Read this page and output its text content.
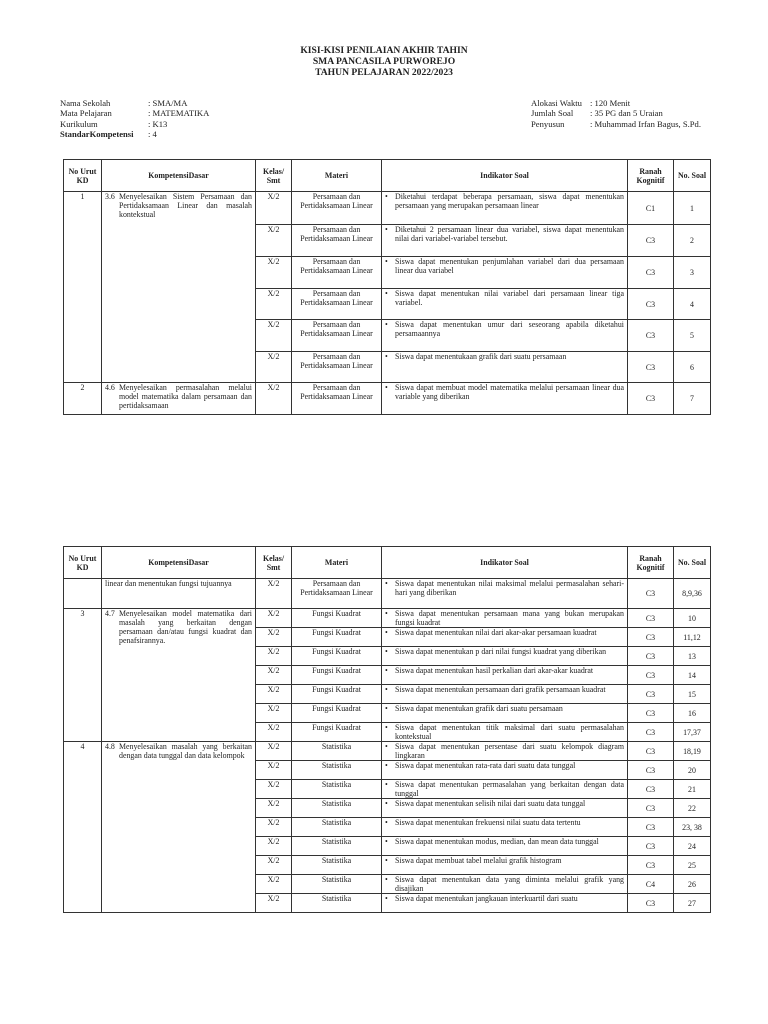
KISI-KISI PENILAIAN AKHIR TAHIN
SMA PANCASILA PURWOREJO
TAHUN PELAJARAN 2022/2023
Nama Sekolah	: SMA/MA
Mata Pelajaran	: MATEMATIKA
Kurikulum	: K13
StandarKompetensi : 4
Alokasi Waktu : 120 Menit
Jumlah Soal : 35 PG dan 5 Uraian
Penyusun	: Muhammad Irfan Bagus, S.Pd.
No Urut KD	KompetensiDasar	Kelas/ Smt	Materi	Indikator Soal	Ranah Kognitif	No. Soal
1	3.6 Menyelesaikan Sistem Persamaan dan Pertidaksamaan Linear dan masalah kontekstual	X/2	Persamaan dan Pertidaksamaan Linear	• Diketahui terdapat beberapa persamaan, siswa dapat menentukan persamaan yang merupakan persamaan linear	C1	1
		X/2	Persamaan dan Pertidaksamaan Linear	• Diketahui 2 persamaan linear dua variabel, siswa dapat menentukan nilai dari variabel-variabel tersebut.	C3	2
		X/2	Persamaan dan Pertidaksamaan Linear	• Siswa dapat menentukan penjumlahan variabel dari dua persamaan linear dua variabel	C3	3
		X/2	Persamaan dan Pertidaksamaan Linear	• Siswa dapat menentukan nilai variabel dari persamaan linear tiga variabel.	C3	4
		X/2	Persamaan dan Pertidaksamaan Linear	• Siswa dapat menentukan umur dari seseorang apabila diketahui persamaannya	C3	5
		X/2	Persamaan dan Pertidaksamaan Linear	• Siswa dapat menentukaan grafik dari suatu persamaan	C3	6
2	4.6 Menyelesaikan permasalahan melalui model matematika dalam persamaan dan pertidaksamaan	X/2	Persamaan dan Pertidaksamaan Linear	• Siswa dapat membuat model matematika melalui persamaan linear dua variable yang diberikan	C3	7
No Urut KD	KompetensiDasar	Kelas/ Smt	Materi	Indikator Soal	Ranah Kognitif	No. Soal

	linear dan menentukan fungsi tujuannya	X/2	Persamaan dan Pertidaksamaan Linear	• Siswa dapat menentukan nilai maksimal melalui permasalahan sehari-hari yang diberikan	C3	8,9,36
3	4.7 Menyelesaikan model matematika dari masalah yang berkaitan dengan persamaan dan/atau fungsi kuadrat dan penafsirannya.	X/2	Fungsi Kuadrat	• Siswa dapat menentukan persamaan mana yang bukan merupakan fungsi kuadrat	C3	10
		X/2	Fungsi Kuadrat	• Siswa dapat menentukan nilai dari akar-akar persamaan kuadrat	C3	11,12
		X/2	Fungsi Kuadrat	• Siswa dapat menentukan p dari nilai fungsi kuadrat yang diberikan	C3	13
		X/2	Fungsi Kuadrat	• Siswa dapat menentukan hasil perkalian dari akar-akar kuadrat	C3	14
		X/2	Fungsi Kuadrat	• Siswa dapat menentukan persamaan dari grafik persamaan kuadrat	C3	15
		X/2	Fungsi Kuadrat	• Siswa dapat menentukan grafik dari suatu persamaan	C3	16
		X/2	Fungsi Kuadrat	• Siswa dapat menentukan titik maksimal dari suatu permasalahan kontekstual	C3	17,37
4	4.8 Menyelesaikan masalah yang berkaitan dengan data tunggal dan data kelompok	X/2	Statistika	• Siswa dapat menentukan persentase dari suatu kelompok diagram lingkaran	C3	18,19
		X/2	Statistika	• Siswa dapat menentukan rata-rata dari suatu data tunggal	C3	20
		X/2	Statistika	• Siswa dapat menentukan permasalahan yang berkaitan dengan data tunggal	C3	21
		X/2	Statistika	• Siswa dapat menentukan selisih nilai dari suatu data tunggal	C3	22
		X/2	Statistika	• Siswa dapat menentukan frekuensi nilai suatu data tertentu	C3	23, 38
		X/2	Statistika	• Siswa dapat menentukan modus, median, dan mean data tunggal	C3	24
		X/2	Statistika	• Siswa dapat membuat tabel melalui grafik histogram	C3	25
		X/2	Statistika	• Siswa dapat menentukan data yang diminta melalui grafik yang disajikan	C4	26
		X/2	Statistika	• Siswa dapat menentukan jangkauan interkuartil dari suatu	C3	27
